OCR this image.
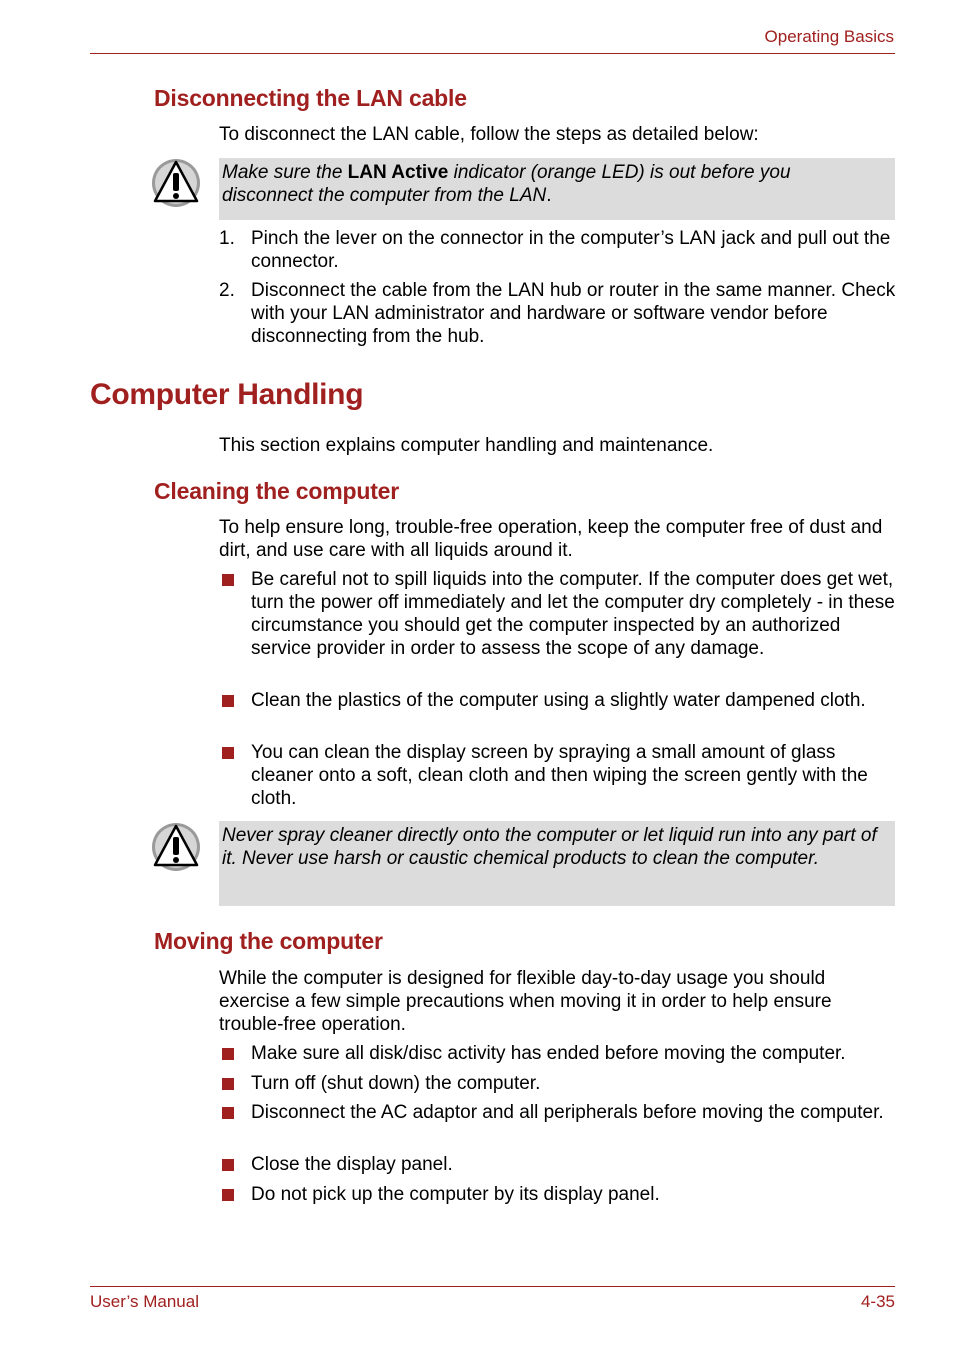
Operating Basics
Disconnecting the LAN cable
To disconnect the LAN cable, follow the steps as detailed below:
Make sure the LAN Active indicator (orange LED) is out before you
disconnect the computer from the LAN.
1. Pinch the lever on the connector in the computer’s LAN jack and pull out the connector.
2. Disconnect the cable from the LAN hub or router in the same manner. Check with your LAN administrator and hardware or software vendor before disconnecting from the hub.
Computer Handling
This section explains computer handling and maintenance.
Cleaning the computer
To help ensure long, trouble-free operation, keep the computer free of dust and dirt, and use care with all liquids around it.
Be careful not to spill liquids into the computer. If the computer does get wet, turn the power off immediately and let the computer dry completely - in these circumstance you should get the computer inspected by an authorized service provider in order to assess the scope of any damage.
Clean the plastics of the computer using a slightly water dampened cloth.
You can clean the display screen by spraying a small amount of glass cleaner onto a soft, clean cloth and then wiping the screen gently with the cloth.
Never spray cleaner directly onto the computer or let liquid run into any part of it. Never use harsh or caustic chemical products to clean the computer.
Moving the computer
While the computer is designed for flexible day-to-day usage you should exercise a few simple precautions when moving it in order to help ensure trouble-free operation.
Make sure all disk/disc activity has ended before moving the computer.
Turn off (shut down) the computer.
Disconnect the AC adaptor and all peripherals before moving the computer.
Close the display panel.
Do not pick up the computer by its display panel.
User’s Manual	4-35
